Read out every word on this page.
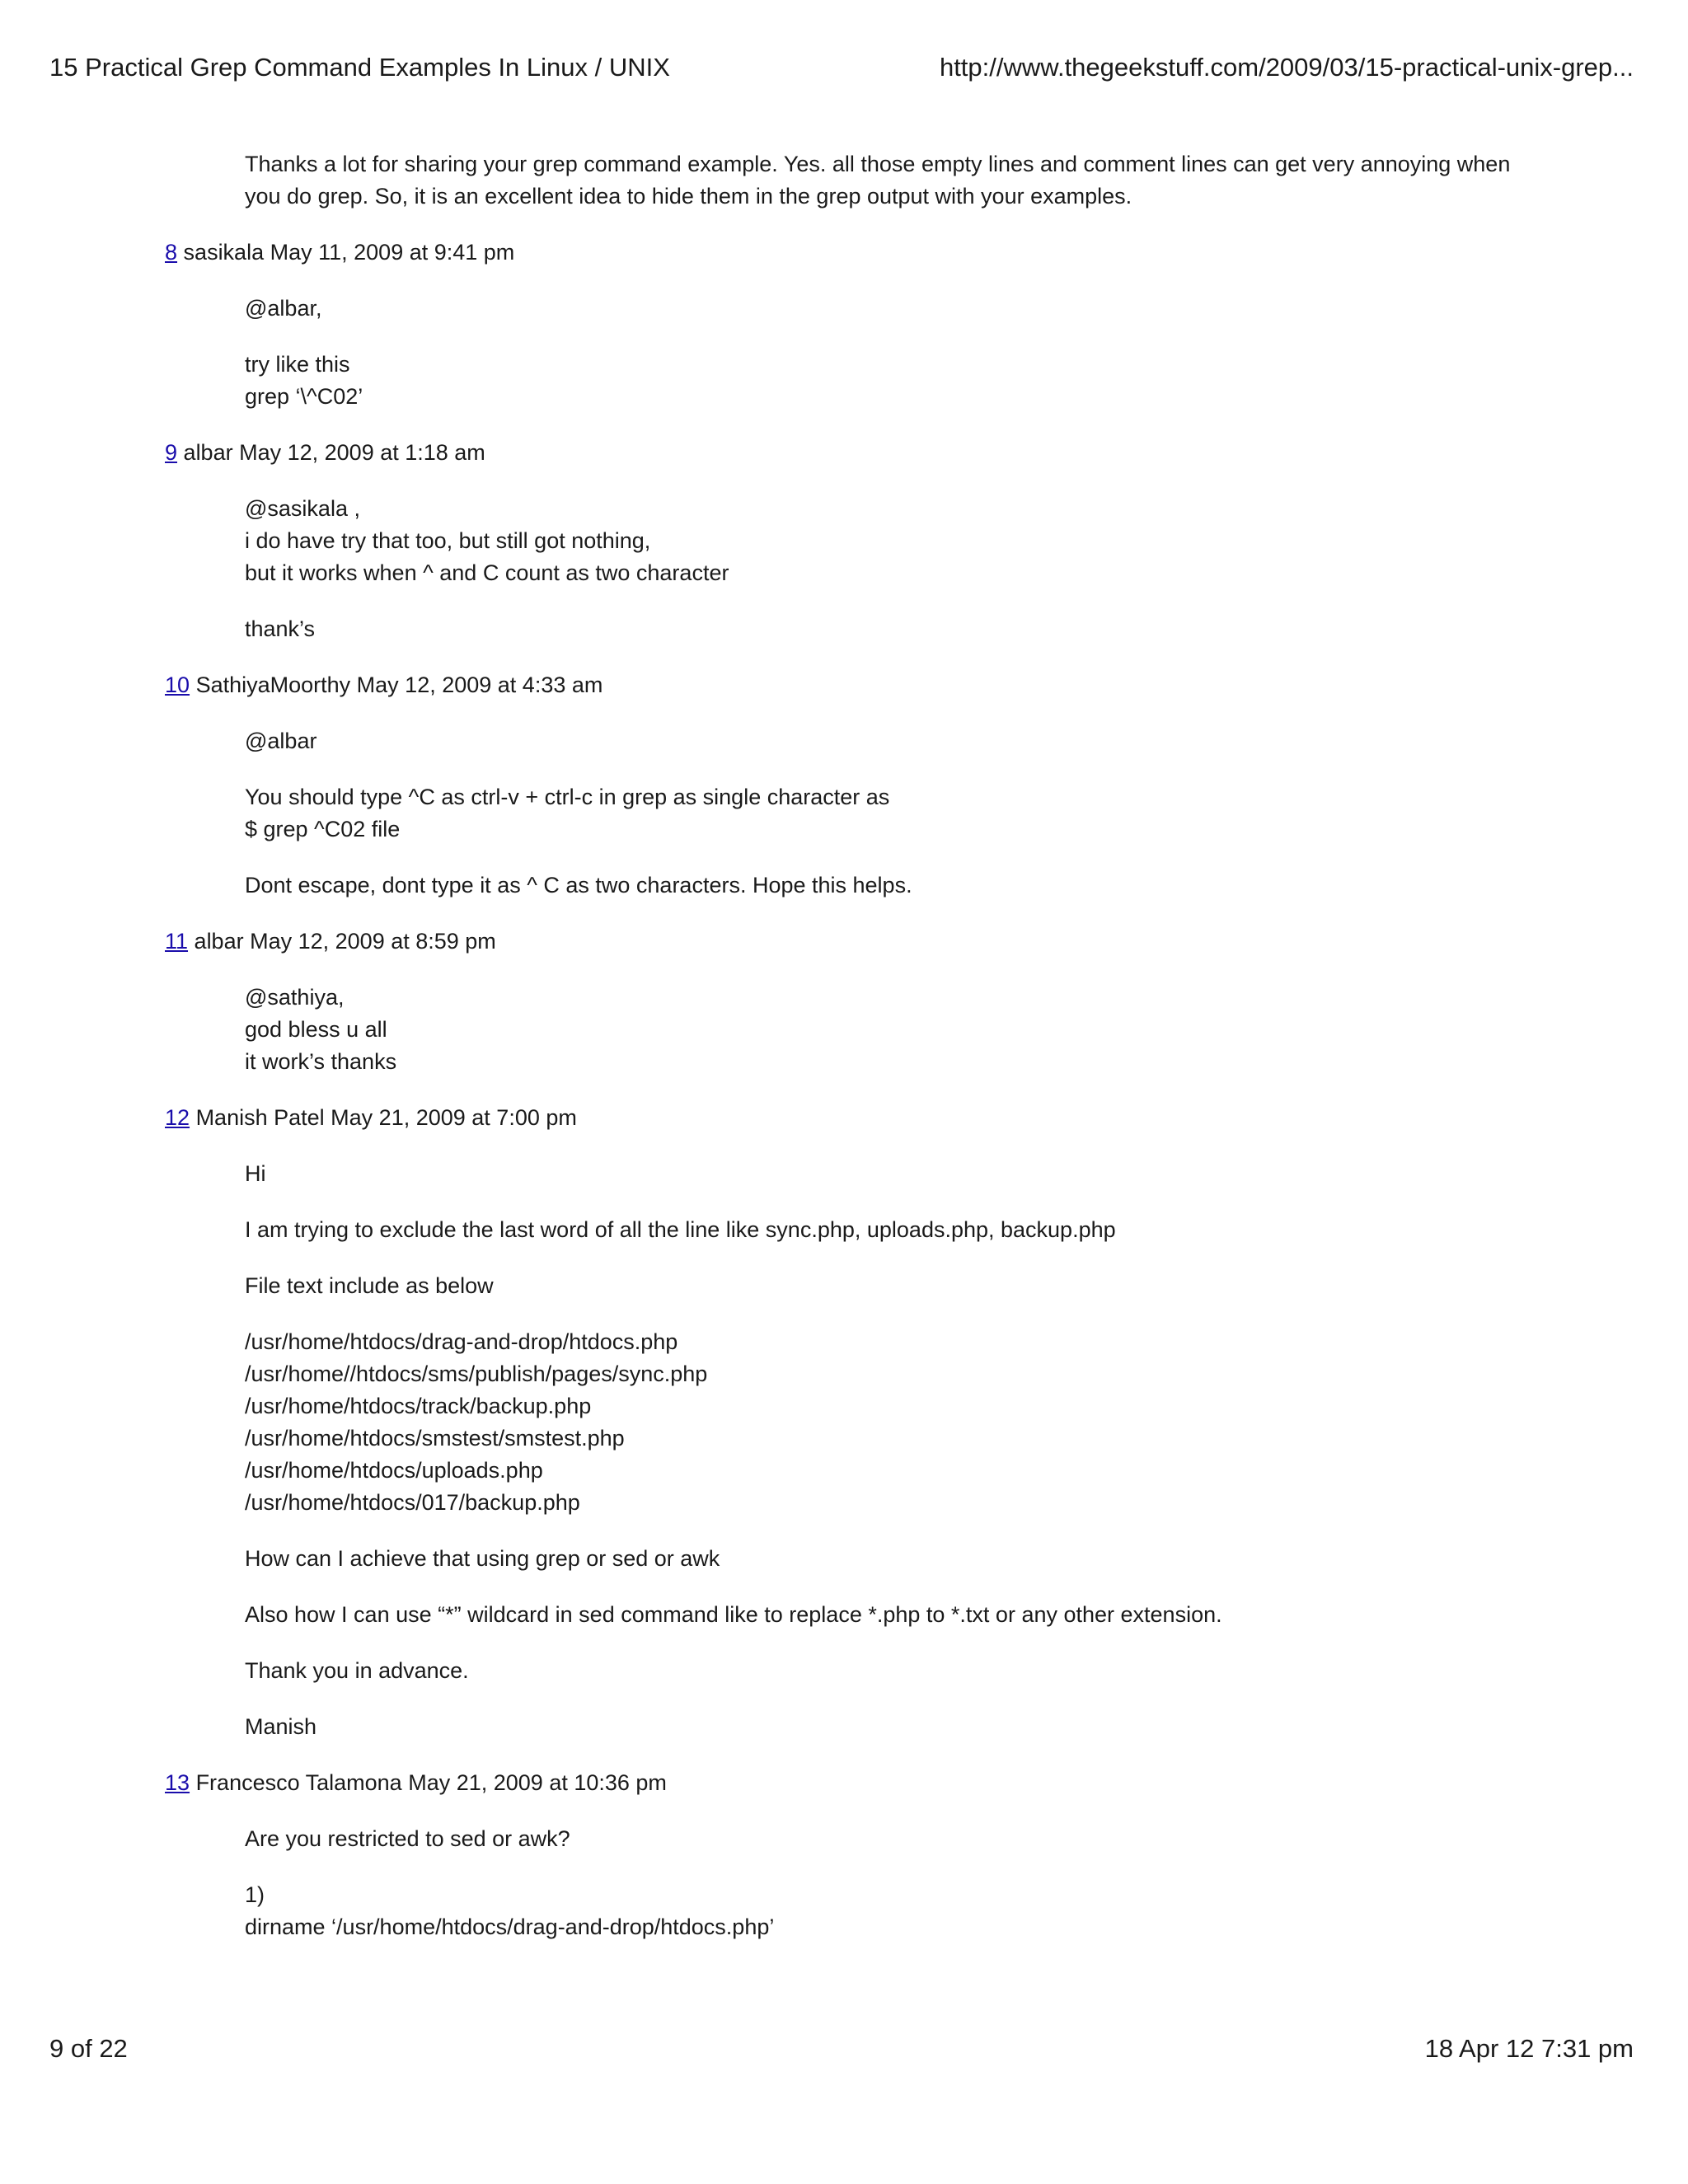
15 Practical Grep Command Examples In Linux / UNIX	http://www.thegeekstuff.com/2009/03/15-practical-unix-grep...

Thanks a lot for sharing your grep command example. Yes. all those empty lines and comment lines can get very annoying when
you do grep. So, it is an excellent idea to hide them in the grep output with your examples.

8 sasikala May 11, 2009 at 9:41 pm

@albar,

try like this
grep ‘\^C02’

9 albar May 12, 2009 at 1:18 am

@sasikala ,
i do have try that too, but still got nothing,
but it works when ^ and C count as two character

thank’s

10 SathiyaMoorthy May 12, 2009 at 4:33 am

@albar

You should type ^C as ctrl-v + ctrl-c in grep as single character as
$ grep ^C02 file

Dont escape, dont type it as ^ C as two characters. Hope this helps.

11 albar May 12, 2009 at 8:59 pm

@sathiya,
god bless u all
it work’s thanks

12 Manish Patel May 21, 2009 at 7:00 pm

Hi

I am trying to exclude the last word of all the line like sync.php, uploads.php, backup.php

File text include as below

/usr/home/htdocs/drag-and-drop/htdocs.php
/usr/home//htdocs/sms/publish/pages/sync.php
/usr/home/htdocs/track/backup.php
/usr/home/htdocs/smstest/smstest.php
/usr/home/htdocs/uploads.php
/usr/home/htdocs/017/backup.php

How can I achieve that using grep or sed or awk

Also how I can use “*” wildcard in sed command like to replace *.php to *.txt or any other extension.

Thank you in advance.

Manish

13 Francesco Talamona May 21, 2009 at 10:36 pm

Are you restricted to sed or awk?

1)
dirname ‘/usr/home/htdocs/drag-and-drop/htdocs.php’

9 of 22	18 Apr 12 7:31 pm
